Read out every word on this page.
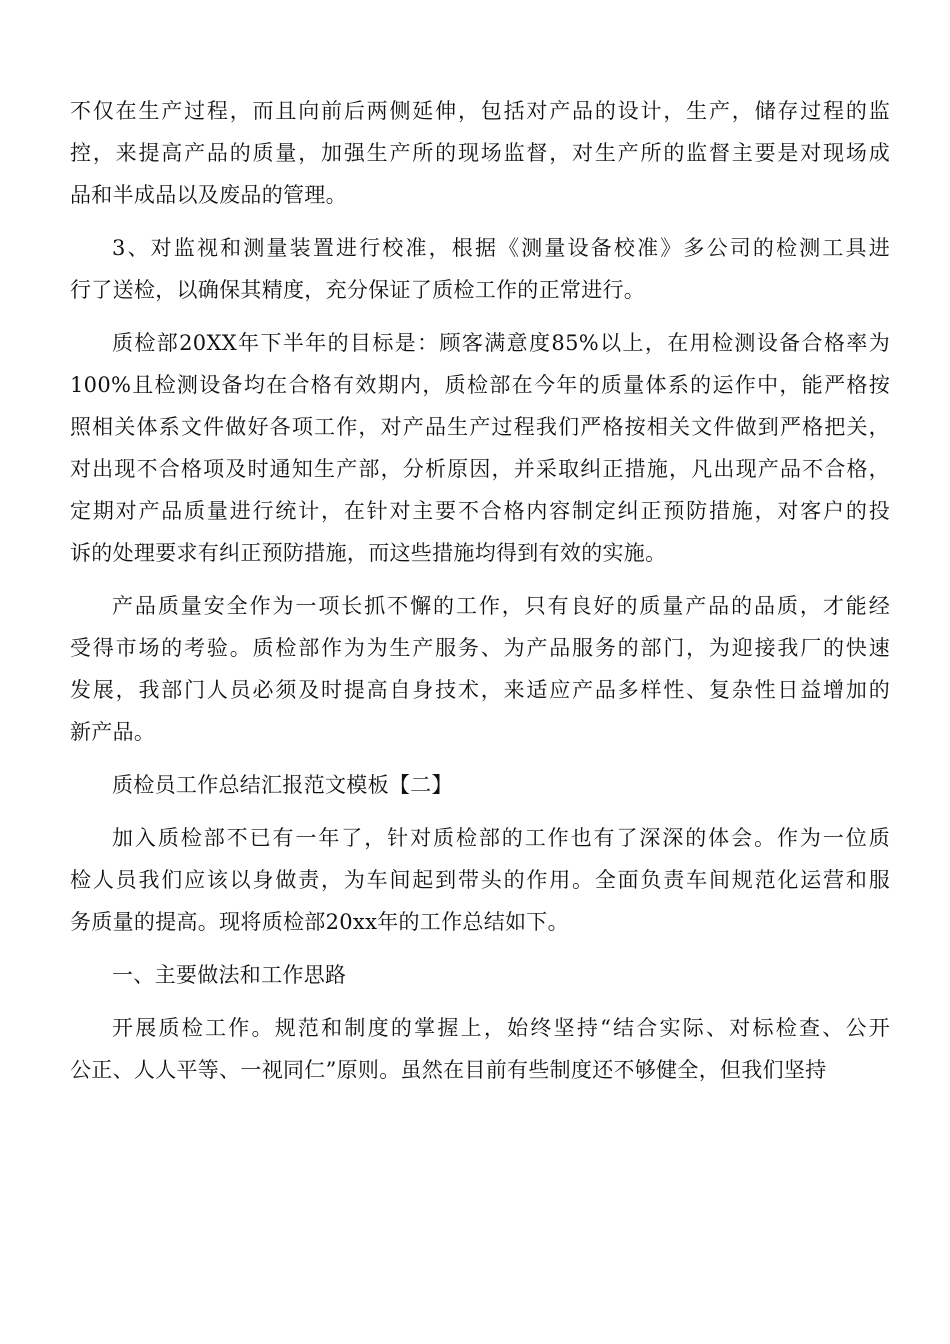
不仅在生产过程，而且向前后两侧延伸，包括对产品的设计，生产，储存过程的监
控，来提高产品的质量，加强生产所的现场监督，对生产所的监督主要是对现场成
品和半成品以及废品的管理。
3、对监视和测量装置进行校准，根据《测量设备校准》多公司的检测工具进
行了送检，以确保其精度，充分保证了质检工作的正常进行。
质检部20XX年下半年的目标是：顾客满意度85%以上，在用检测设备合格率为
100%且检测设备均在合格有效期内，质检部在今年的质量体系的运作中，能严格按
照相关体系文件做好各项工作，对产品生产过程我们严格按相关文件做到严格把关，
对出现不合格项及时通知生产部，分析原因，并采取纠正措施，凡出现产品不合格，
定期对产品质量进行统计，在针对主要不合格内容制定纠正预防措施，对客户的投
诉的处理要求有纠正预防措施，而这些措施均得到有效的实施。
产品质量安全作为一项长抓不懈的工作，只有良好的质量产品的品质，才能经
受得市场的考验。质检部作为为生产服务、为产品服务的部门，为迎接我厂的快速
发展，我部门人员必须及时提高自身技术，来适应产品多样性、复杂性日益增加的
新产品。
质检员工作总结汇报范文模板【二】
加入质检部不已有一年了，针对质检部的工作也有了深深的体会。作为一位质
检人员我们应该以身做责，为车间起到带头的作用。全面负责车间规范化运营和服
务质量的提高。现将质检部20xx年的工作总结如下。
一、主要做法和工作思路
开展质检工作。规范和制度的掌握上，始终坚持“结合实际、对标检查、公开
公正、人人平等、一视同仁”原则。虽然在目前有些制度还不够健全，但我们坚持
